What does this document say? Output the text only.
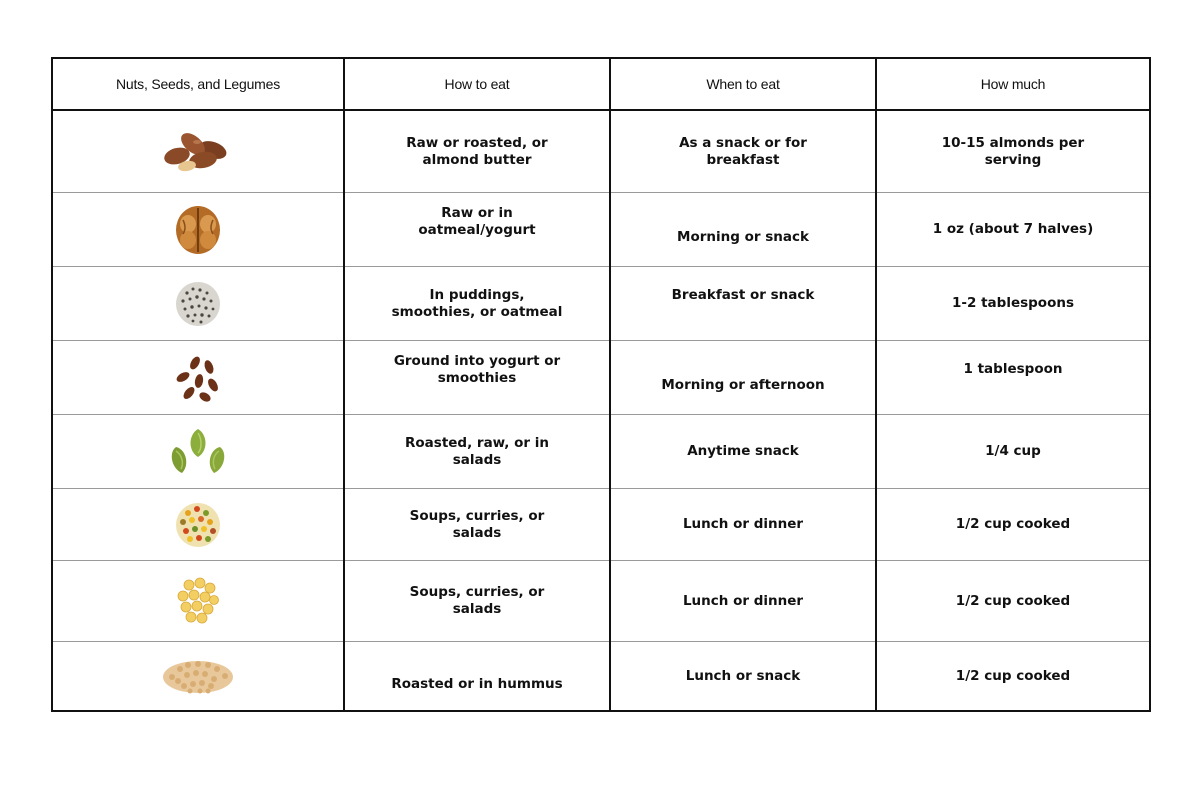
Nuts, Seeds, and Legumes	How to eat	When to eat	How much
	Raw or roasted, or almond butter	As a snack or for breakfast	10-15 almonds per serving
	Raw or in oatmeal/yogurt	Morning or snack	1 oz (about 7 halves)
	In puddings, smoothies, or oatmeal	Breakfast or snack	1-2 tablespoons
	Ground into yogurt or smoothies	Morning or afternoon	1 tablespoon
	Roasted, raw, or in salads	Anytime snack	1/4 cup
	Soups, curries, or salads	Lunch or dinner	1/2 cup cooked
	Soups, curries, or salads	Lunch or dinner	1/2 cup cooked
	Roasted or in hummus	Lunch or snack	1/2 cup cooked
